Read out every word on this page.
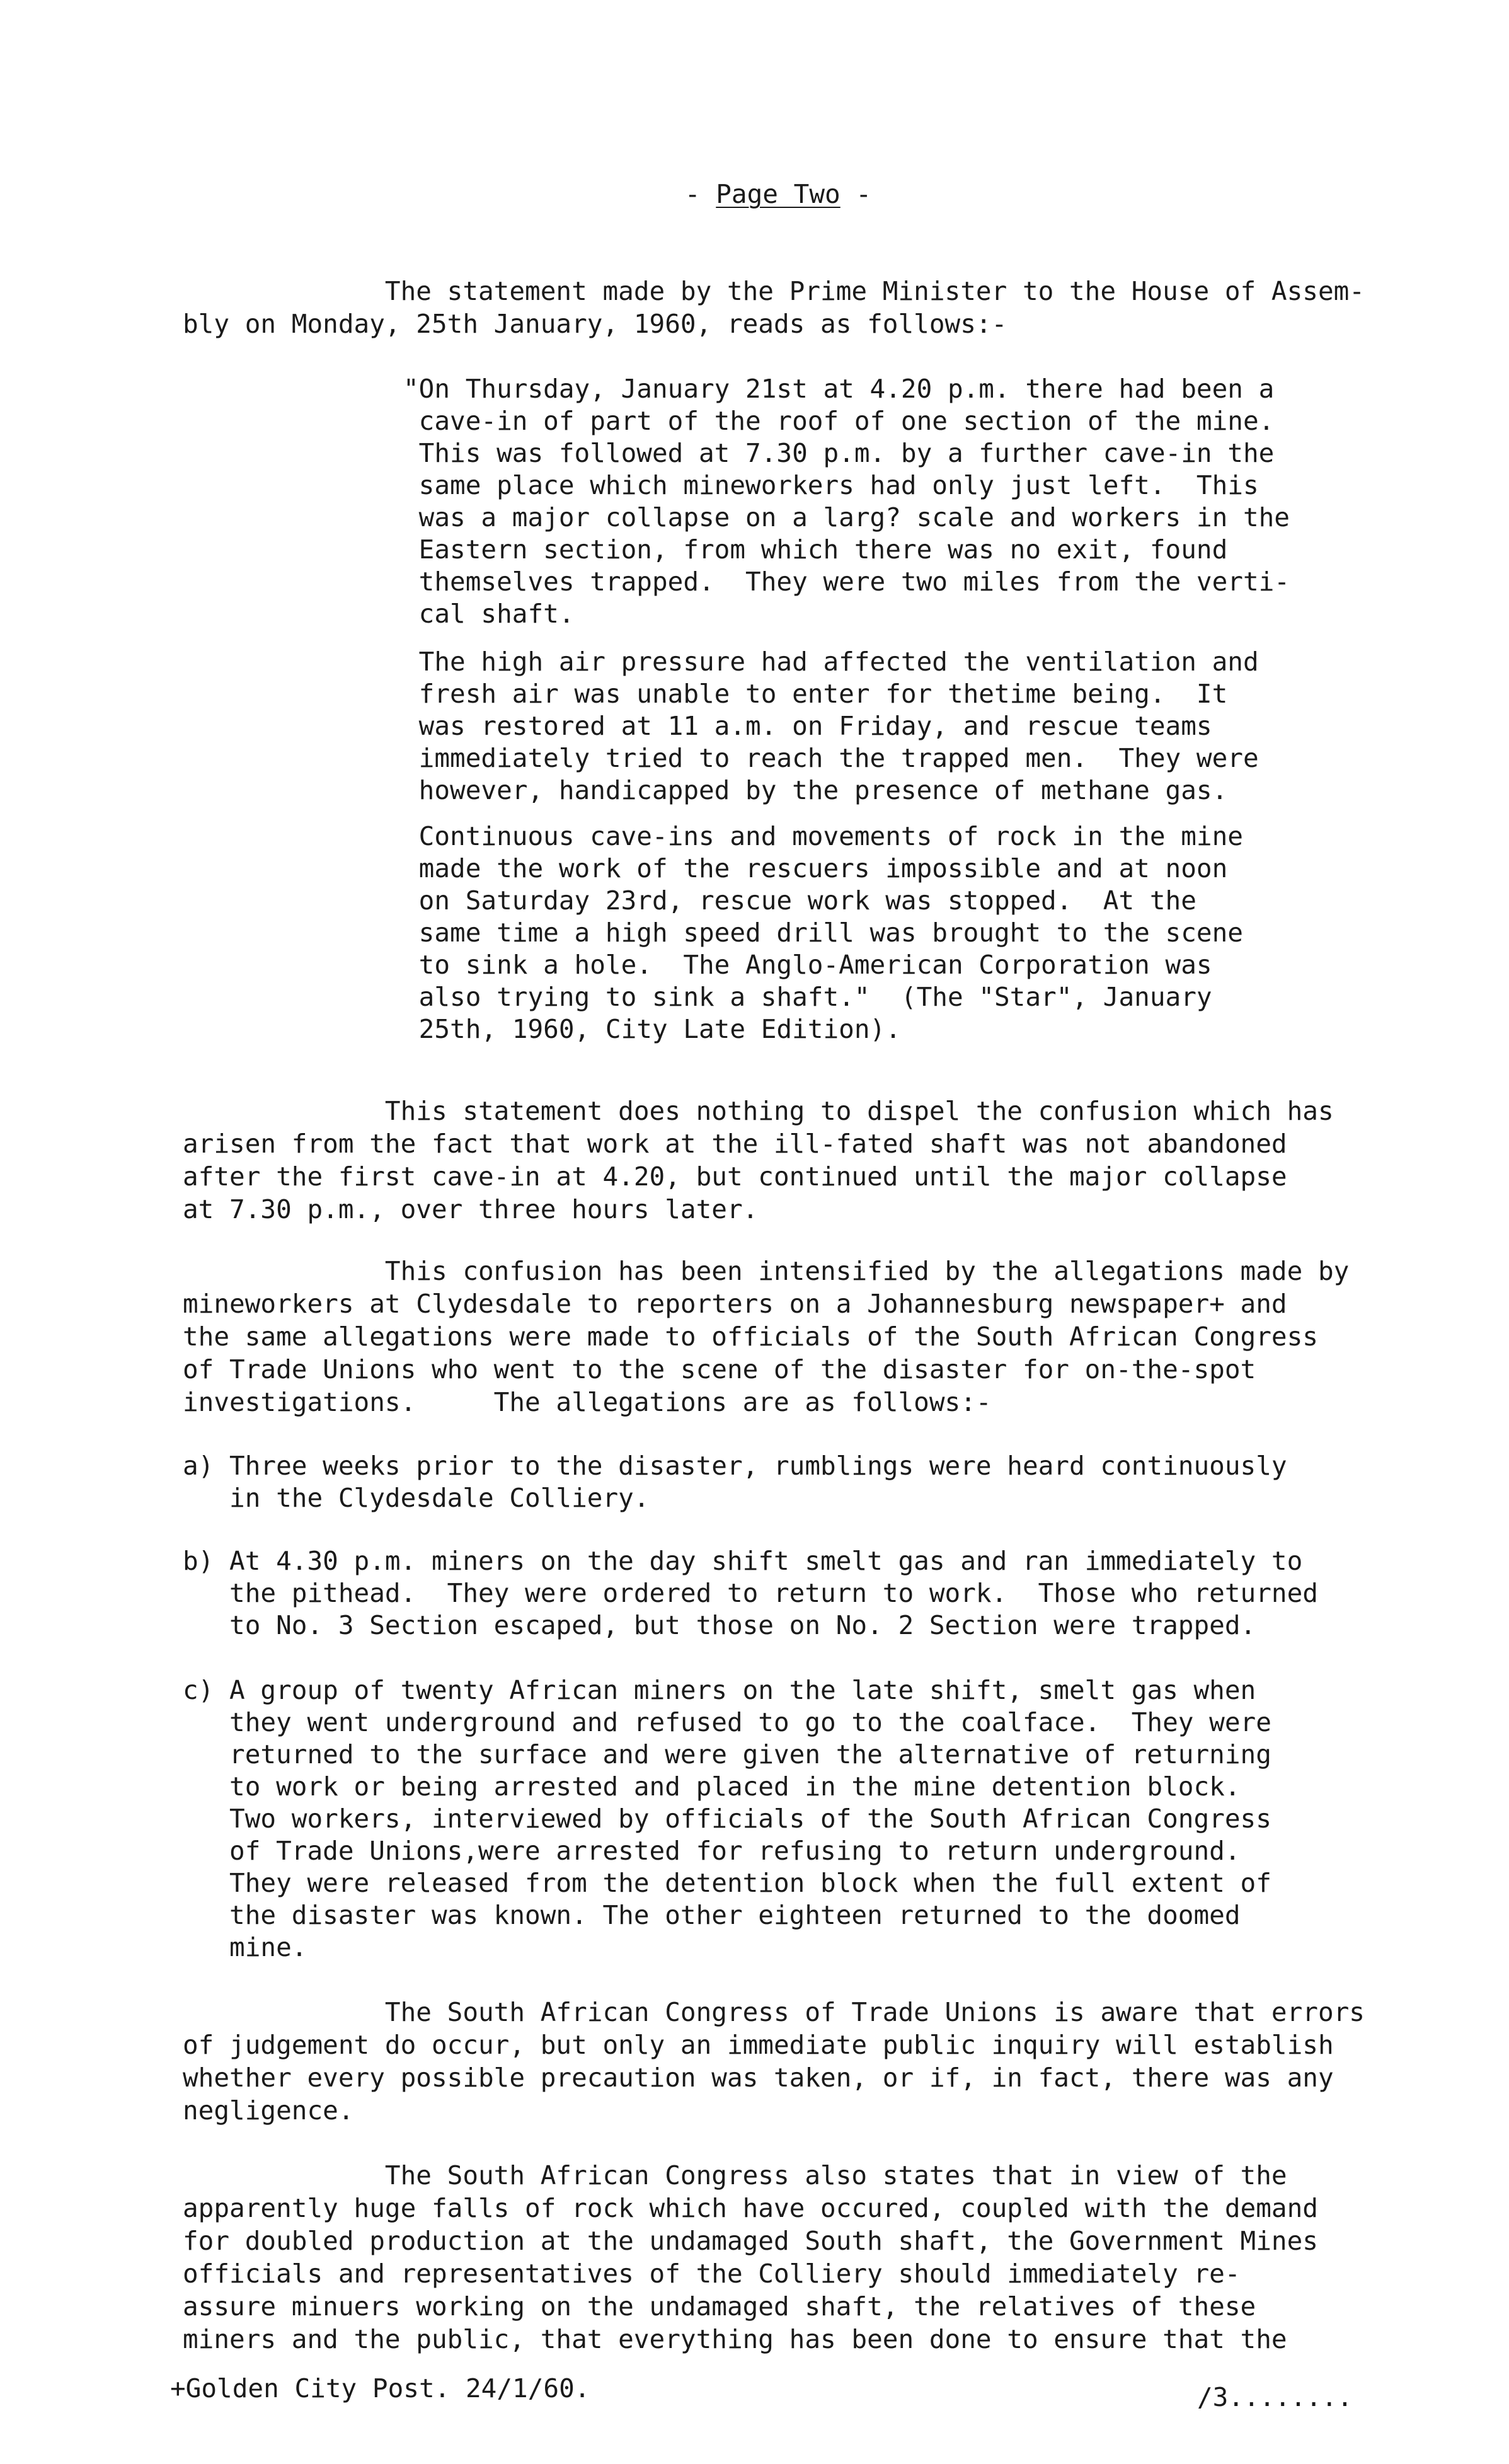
- Page Two -
The statement made by the Prime Minister to the House of Assem-
bly on Monday, 25th January, 1960, reads as follows:-
"On Thursday, January 21st at 4.20 p.m. there had been a
cave-in of part of the roof of one section of the mine.
This was followed at 7.30 p.m. by a further cave-in the
same place which mineworkers had only just left.  This
was a major collapse on a larg? scale and workers in the
Eastern section, from which there was no exit, found
themselves trapped.  They were two miles from the verti-
cal shaft.
The high air pressure had affected the ventilation and
fresh air was unable to enter for thetime being.  It
was restored at 11 a.m. on Friday, and rescue teams
immediately tried to reach the trapped men.  They were
however, handicapped by the presence of methane gas.
Continuous cave-ins and movements of rock in the mine
made the work of the rescuers impossible and at noon
on Saturday 23rd, rescue work was stopped.  At the
same time a high speed drill was brought to the scene
to sink a hole.  The Anglo-American Corporation was
also trying to sink a shaft."  (The "Star", January
25th, 1960, City Late Edition).
This statement does nothing to dispel the confusion which has
arisen from the fact that work at the ill-fated shaft was not abandoned
after the first cave-in at 4.20, but continued until the major collapse
at 7.30 p.m., over three hours later.
This confusion has been intensified by the allegations made by
mineworkers at Clydesdale to reporters on a Johannesburg newspaper+ and
the same allegations were made to officials of the South African Congress
of Trade Unions who went to the scene of the disaster for on-the-spot
investigations.     The allegations are as follows:-
a) Three weeks prior to the disaster, rumblings were heard continuously
in the Clydesdale Colliery.
b) At 4.30 p.m. miners on the day shift smelt gas and ran immediately to
the pithead.  They were ordered to return to work.  Those who returned
to No. 3 Section escaped, but those on No. 2 Section were trapped.
c) A group of twenty African miners on the late shift, smelt gas when
they went underground and refused to go to the coalface.  They were
returned to the surface and were given the alternative of returning
to work or being arrested and placed in the mine detention block.
Two workers, interviewed by officials of the South African Congress
of Trade Unions,were arrested for refusing to return underground.
They were released from the detention block when the full extent of
the disaster was known. The other eighteen returned to the doomed
mine.
The South African Congress of Trade Unions is aware that errors
of judgement do occur, but only an immediate public inquiry will establish
whether every possible precaution was taken, or if, in fact, there was any
negligence.
The South African Congress also states that in view of the
apparently huge falls of rock which have occured, coupled with the demand
for doubled production at the undamaged South shaft, the Government Mines
officials and representatives of the Colliery should immediately re-
assure minuers working on the undamaged shaft, the relatives of these
miners and the public, that everything has been done to ensure that the
+Golden City Post. 24/1/60.	/3........
